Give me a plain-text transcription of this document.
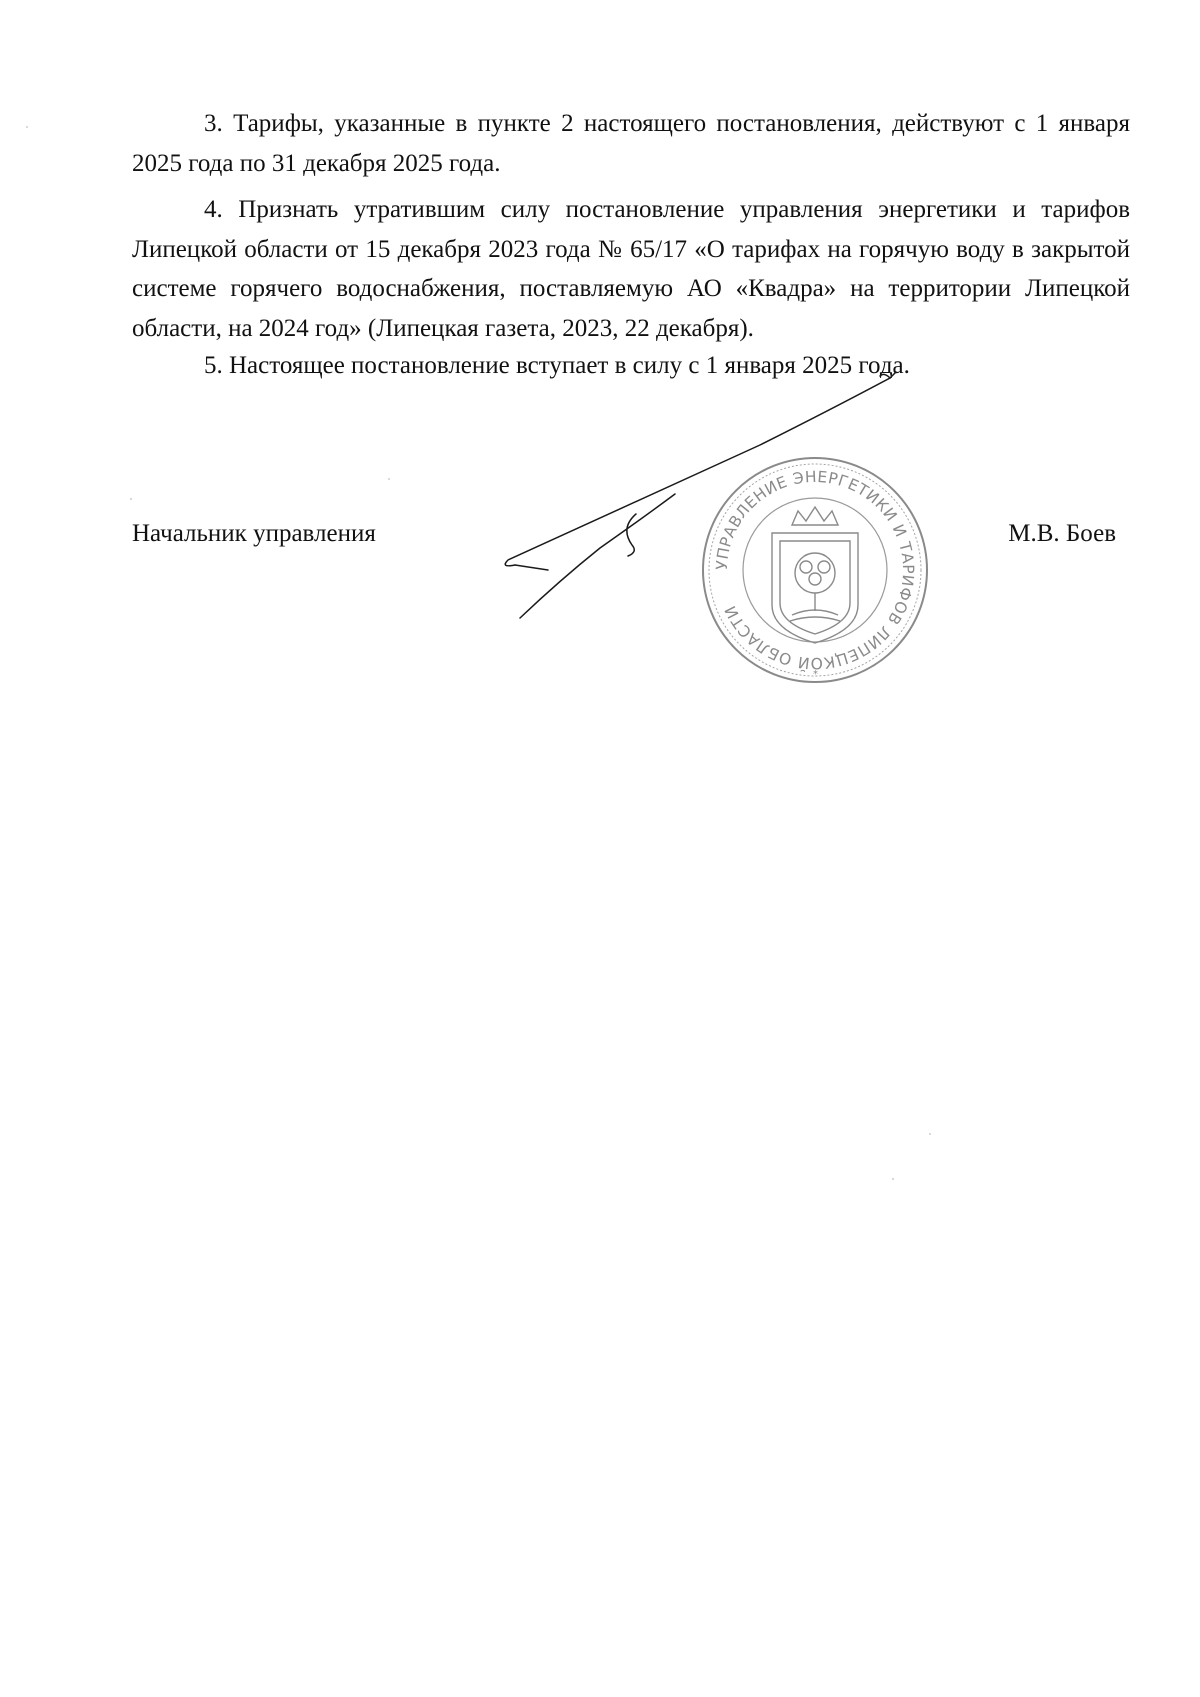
3. Тарифы, указанные в пункте 2 настоящего постановления, действуют с 1 января 2025 года по 31 декабря 2025 года.

4. Признать утратившим силу постановление управления энергетики и тарифов Липецкой области от 15 декабря 2023 года № 65/17 «О тарифах на горячую воду в закрытой системе горячего водоснабжения, поставляемую АО «Квадра» на территории Липецкой области, на 2024 год» (Липецкая газета, 2023, 22 декабря).

5. Настоящее постановление вступает в силу с 1 января 2025 года.

Начальник управления	М.В. Боев

УПРАВЛЕНИЕ ЭНЕРГЕТИКИ И ТАРИФОВ ЛИПЕЦКОЙ ОБЛАСТИ
*
